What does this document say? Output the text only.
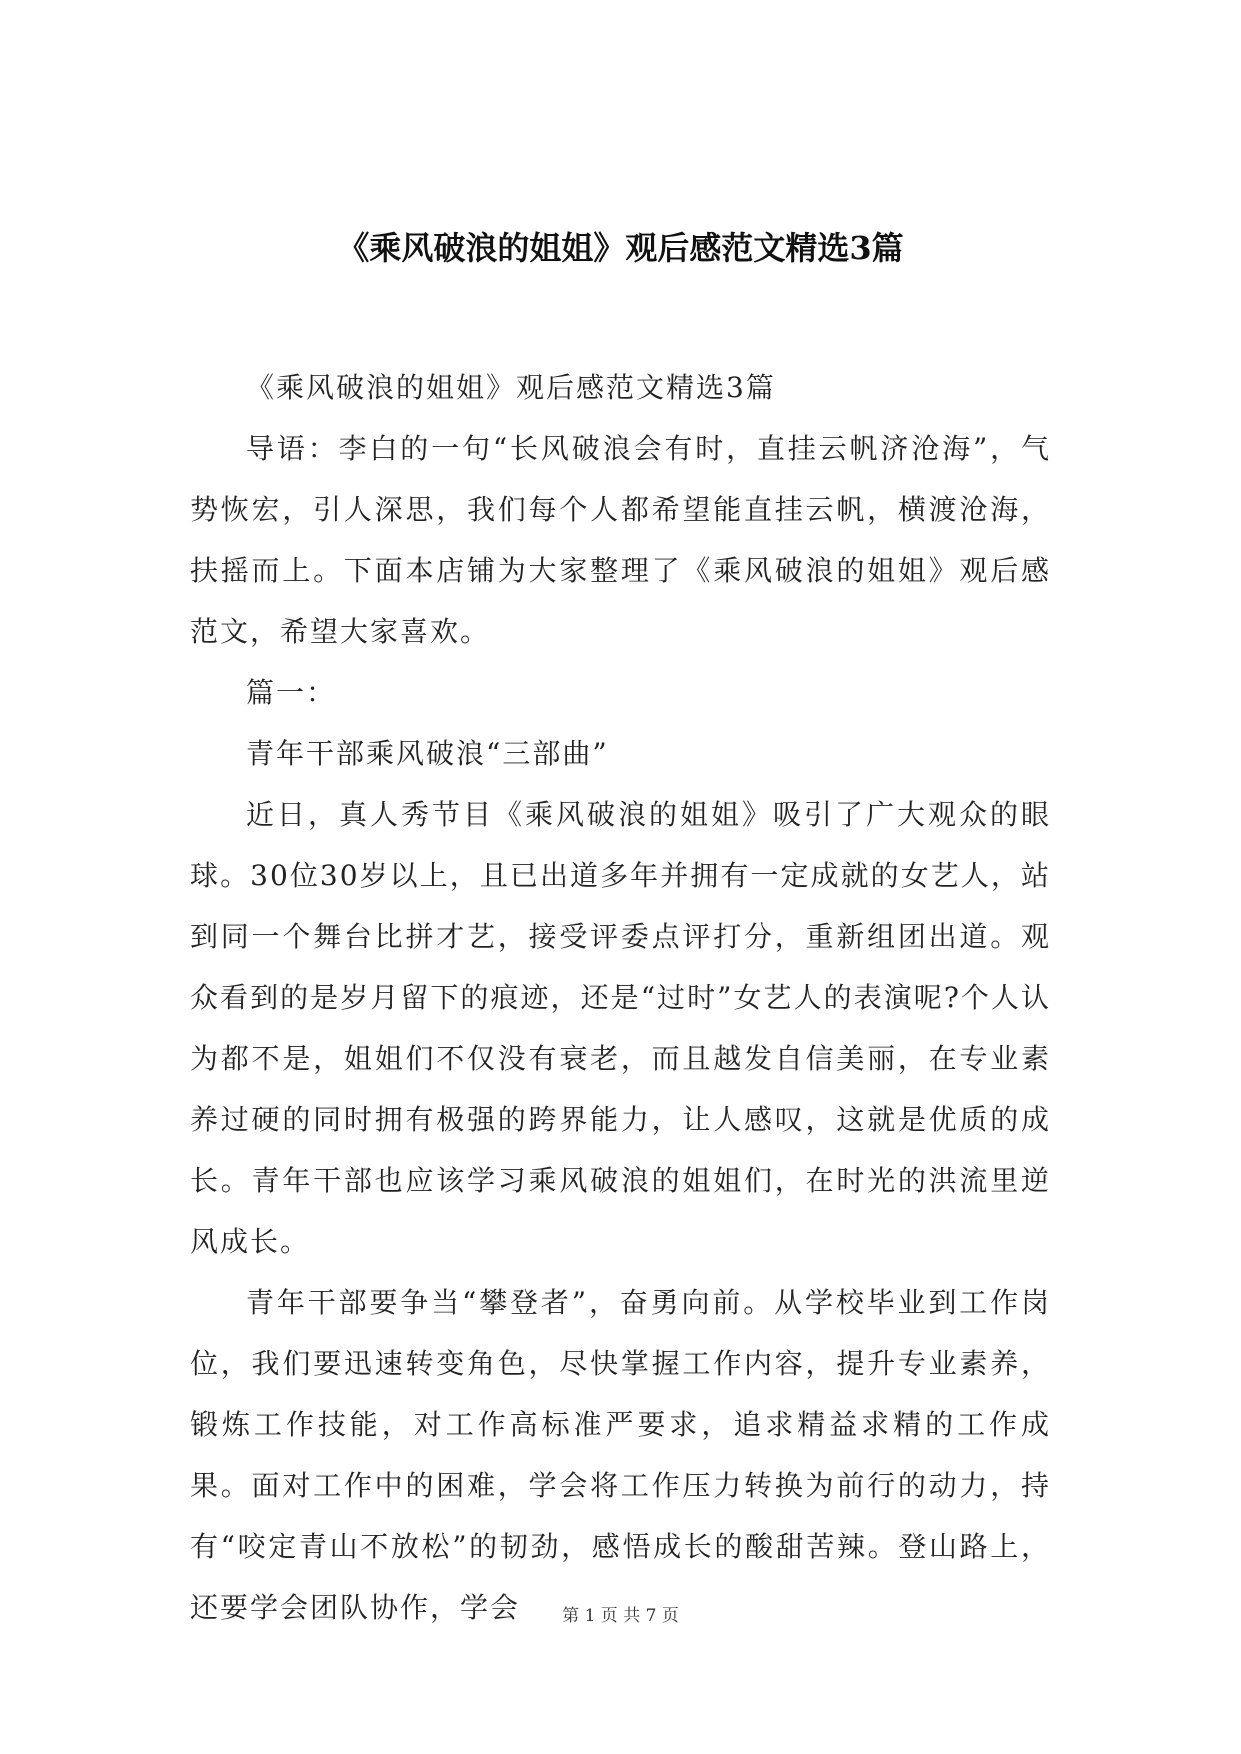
《乘风破浪的姐姐》观后感范文精选3篇

《乘风破浪的姐姐》观后感范文精选3篇

导语：李白的一句“长风破浪会有时，直挂云帆济沧海”，气势恢宏，引人深思，我们每个人都希望能直挂云帆，横渡沧海，扶摇而上。下面本店铺为大家整理了《乘风破浪的姐姐》观后感范文，希望大家喜欢。

篇一：

青年干部乘风破浪“三部曲”

近日，真人秀节目《乘风破浪的姐姐》吸引了广大观众的眼球。30位30岁以上，且已出道多年并拥有一定成就的女艺人，站到同一个舞台比拼才艺，接受评委点评打分，重新组团出道。观众看到的是岁月留下的痕迹，还是“过时”女艺人的表演呢?个人认为都不是，姐姐们不仅没有衰老，而且越发自信美丽，在专业素养过硬的同时拥有极强的跨界能力，让人感叹，这就是优质的成长。青年干部也应该学习乘风破浪的姐姐们，在时光的洪流里逆风成长。

青年干部要争当“攀登者”，奋勇向前。从学校毕业到工作岗位，我们要迅速转变角色，尽快掌握工作内容，提升专业素养，锻炼工作技能，对工作高标准严要求，追求精益求精的工作成果。面对工作中的困难，学会将工作压力转换为前行的动力，持有“咬定青山不放松”的韧劲，感悟成长的酸甜苦辣。登山路上，还要学会团队协作，学会	第 1 页 共 7 页
